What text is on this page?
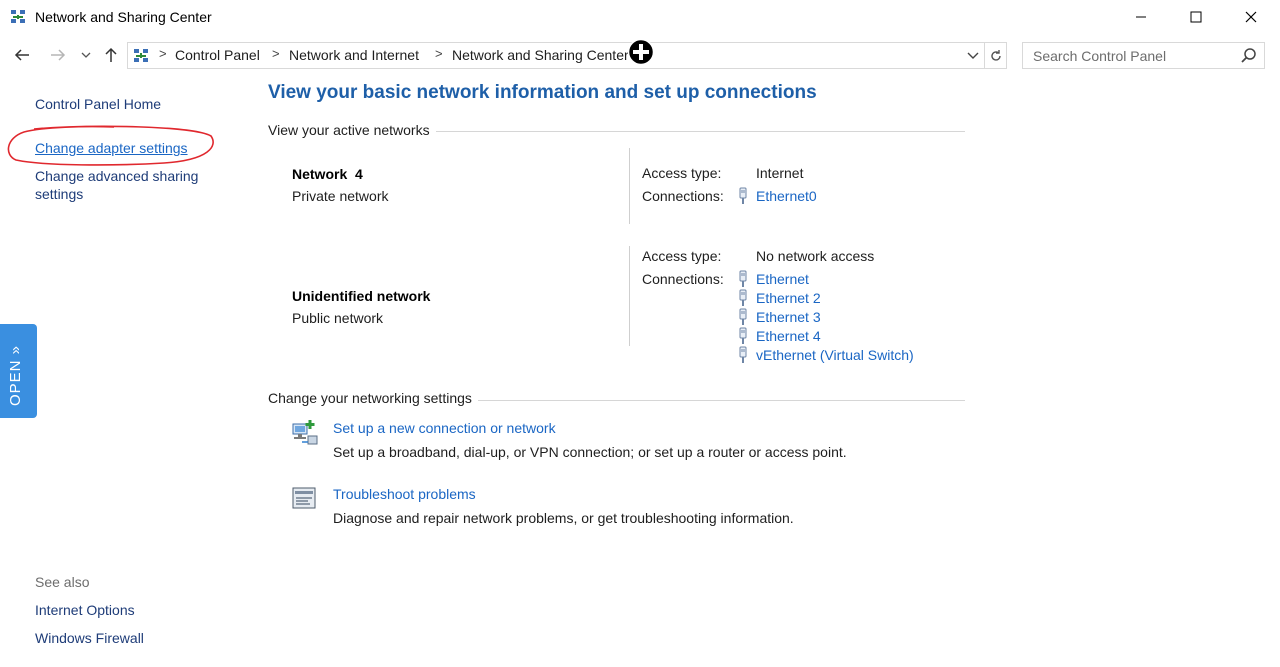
Network and Sharing Center
> Control Panel > Network and Internet > Network and Sharing Center
Search Control Panel
Control Panel Home
Change adapter settings
Change advanced sharing settings
See also
Internet Options
Windows Firewall
OPEN »
View your basic network information and set up connections
View your active networks
Network  4
Private network
Access type: Internet
Connections: Ethernet0
Unidentified network
Public network
Access type: No network access
Connections: Ethernet
Ethernet 2
Ethernet 3
Ethernet 4
vEthernet (Virtual Switch)
Change your networking settings
Set up a new connection or network
Set up a broadband, dial-up, or VPN connection; or set up a router or access point.
Troubleshoot problems
Diagnose and repair network problems, or get troubleshooting information.
